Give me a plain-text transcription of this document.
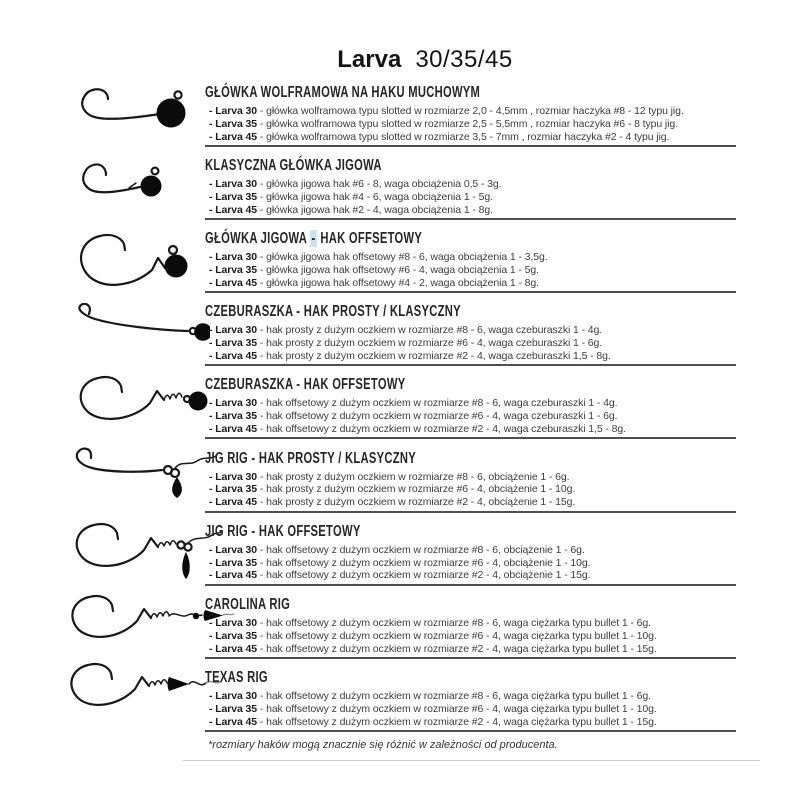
Larva 30/35/45
GŁÓWKA WOLFRAMOWA NA HAKU MUCHOWYM
- Larva 30 - główka wolframowa typu slotted w rozmiarze 2,0 - 4,5mm , rozmiar haczyka #8 - 12 typu jig.
- Larva 35 - główka wolframowa typu slotted w rozmiarze 2,5 - 5,5mm , rozmiar haczyka #6 - 8 typu jig.
- Larva 45 - główka wolframowa typu slotted w rozmiarze 3,5 - 7mm , rozmiar haczyka #2 - 4 typu jig.
KLASYCZNA GŁÓWKA JIGOWA
- Larva 30 - główka jigowa hak #6 - 8, waga obciążenia 0,5 - 3g.
- Larva 35 - główka jigowa hak #4 - 6, waga obciążenia 1 - 5g.
- Larva 45 - główka jigowa hak #2 - 4, waga obciążenia 1 - 8g.
GŁÓWKA JIGOWA - HAK OFFSETOWY
- Larva 30 - główka jigowa hak offsetowy #8 - 6, waga obciążenia 1 - 3,5g.
- Larva 35 - główka jigowa hak offsetowy #6 - 4, waga obciążenia 1 - 5g.
- Larva 45 - główka jigowa hak offsetowy #4 - 2, waga obciążenia 1 - 8g.
CZEBURASZKA - HAK PROSTY / KLASYCZNY
- Larva 30 - hak prosty z dużym oczkiem w rozmiarze #8 - 6, waga czeburaszki 1 - 4g.
- Larva 35 - hak prosty z dużym oczkiem w rozmiarze #6 - 4, waga czeburaszki 1 - 6g.
- Larva 45 - hak prosty z dużym oczkiem w rozmiarze #2 - 4, waga czeburaszki 1,5 - 8g.
CZEBURASZKA - HAK OFFSETOWY
- Larva 30 - hak offsetowy z dużym oczkiem w rozmiarze #8 - 6, waga czeburaszki 1 - 4g.
- Larva 35 - hak offsetowy z dużym oczkiem w rozmiarze #6 - 4, waga czeburaszki 1 - 6g.
- Larva 45 - hak offsetowy z dużym oczkiem w rozmiarze #2 - 4, waga czeburaszki 1,5 - 8g.
JIG RIG - HAK PROSTY / KLASYCZNY
- Larva 30 - hak prosty z dużym oczkiem w rozmiarze #8 - 6, obciążenie 1 - 6g.
- Larva 35 - hak prosty z dużym oczkiem w rozmiarze #6 - 4, obciążenie 1 - 10g.
- Larva 45 - hak prosty z dużym oczkiem w rozmiarze #2 - 4, obciążenie 1 - 15g.
JIG RIG - HAK OFFSETOWY
- Larva 30 - hak offsetowy z dużym oczkiem w rozmiarze #8 - 6, obciążenie 1 - 6g.
- Larva 35 - hak offsetowy z dużym oczkiem w rozmiarze #6 - 4, obciążenie 1 - 10g.
- Larva 45 - hak offsetowy z dużym oczkiem w rozmiarze #2 - 4, obciążenie 1 - 15g.
CAROLINA RIG
- Larva 30 - hak offsetowy z dużym oczkiem w rozmiarze #8 - 6, waga ciężarka typu bullet 1 - 6g.
- Larva 35 - hak offsetowy z dużym oczkiem w rozmiarze #6 - 4, waga ciężarka typu bullet 1 - 10g.
- Larva 45 - hak offsetowy z dużym oczkiem w rozmiarze #2 - 4, waga ciężarka typu bullet 1 - 15g.
TEXAS RIG
- Larva 30 - hak offsetowy z dużym oczkiem w rozmiarze #8 - 6, waga ciężarka typu bullet 1 - 6g.
- Larva 35 - hak offsetowy z dużym oczkiem w rozmiarze #6 - 4, waga ciężarka typu bullet 1 - 10g.
- Larva 45 - hak offsetowy z dużym oczkiem w rozmiarze #2 - 4, waga ciężarka typu bullet 1 - 15g.
*rozmiary haków mogą znacznie się różnić w zależności od producenta.
